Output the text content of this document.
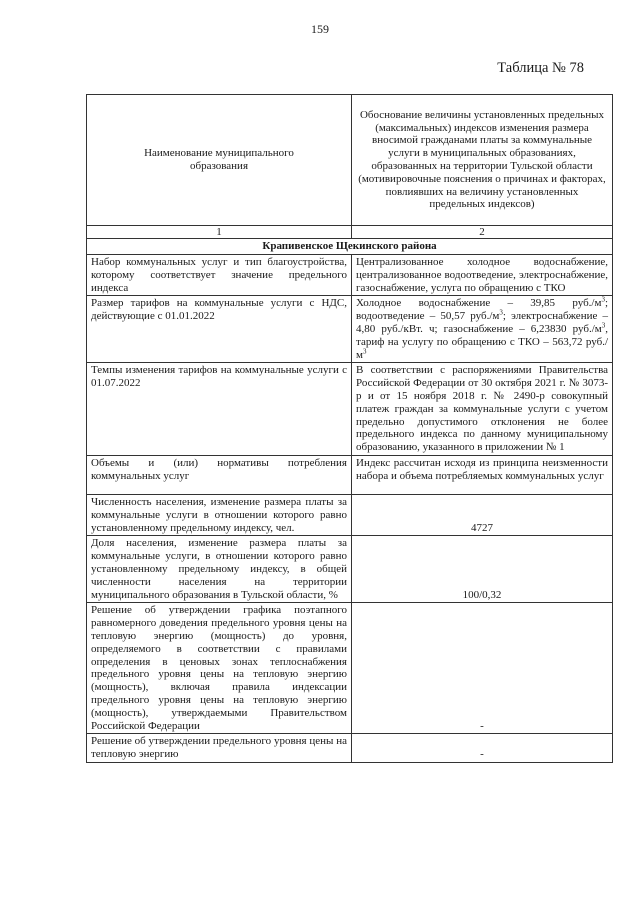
159
Таблица № 78
Наименование муниципального образования	Обоснование величины установленных предельных (максимальных) индексов изменения размера вносимой гражданами платы за коммунальные услуги в муниципальных образованиях, образованных на территории Тульской области (мотивировочные пояснения о причинах и факторах, повлиявших на величину установленных предельных индексов)
1	2
Крапивенское Щекинского района	
Набор коммунальных услуг и тип благоустройства, которому соответствует значение предельного индекса	Централизованное холодное водоснабжение, централизованное водоотведение, электроснабжение, газоснабжение, услуга по обращению с ТКО
Размер тарифов на коммунальные услуги с НДС, действующие с 01.01.2022	Холодное водоснабжение – 39,85 $руб./м^3$; водоотведение – 50,57 $руб./м^3$; электроснабжение – 4,80 руб./кВт. ч; газоснабжение – 6,23830 $руб./м^3$, тариф на услугу по обращению с ТКО – 563,72 $руб./м^3$
Темпы изменения тарифов на коммунальные услуги с 01.07.2022	В соответствии с распоряжениями Правительства Российской Федерации от 30 октября 2021 г. № 3073-р и от 15 ноября 2018 г. № 2490-р совокупный платеж граждан за коммунальные услуги с учетом предельно допустимого отклонения не более предельного индекса по данному муниципальному образованию, указанного в приложении № 1
Объемы и (или) нормативы потребления коммунальных услуг	Индекс рассчитан исходя из принципа неизменности набора и объема потребляемых коммунальных услуг
Численность населения, изменение размера платы за коммунальные услуги в отношении которого равно установленному предельному индексу, чел.	4727
Доля населения, изменение размера платы за коммунальные услуги, в отношении которого равно установленному предельному индексу, в общей численности населения на территории муниципального образования в Тульской области, %	100/0,32
Решение об утверждении графика поэтапного равномерного доведения предельного уровня цены на тепловую энергию (мощность) до уровня, определяемого в соответствии с правилами определения в ценовых зонах теплоснабжения предельного уровня цены на тепловую энергию (мощность), включая правила индексации предельного уровня цены на тепловую энергию (мощность), утверждаемыми Правительством Российской Федерации	-
Решение об утверждении предельного уровня цены на тепловую энергию	-
